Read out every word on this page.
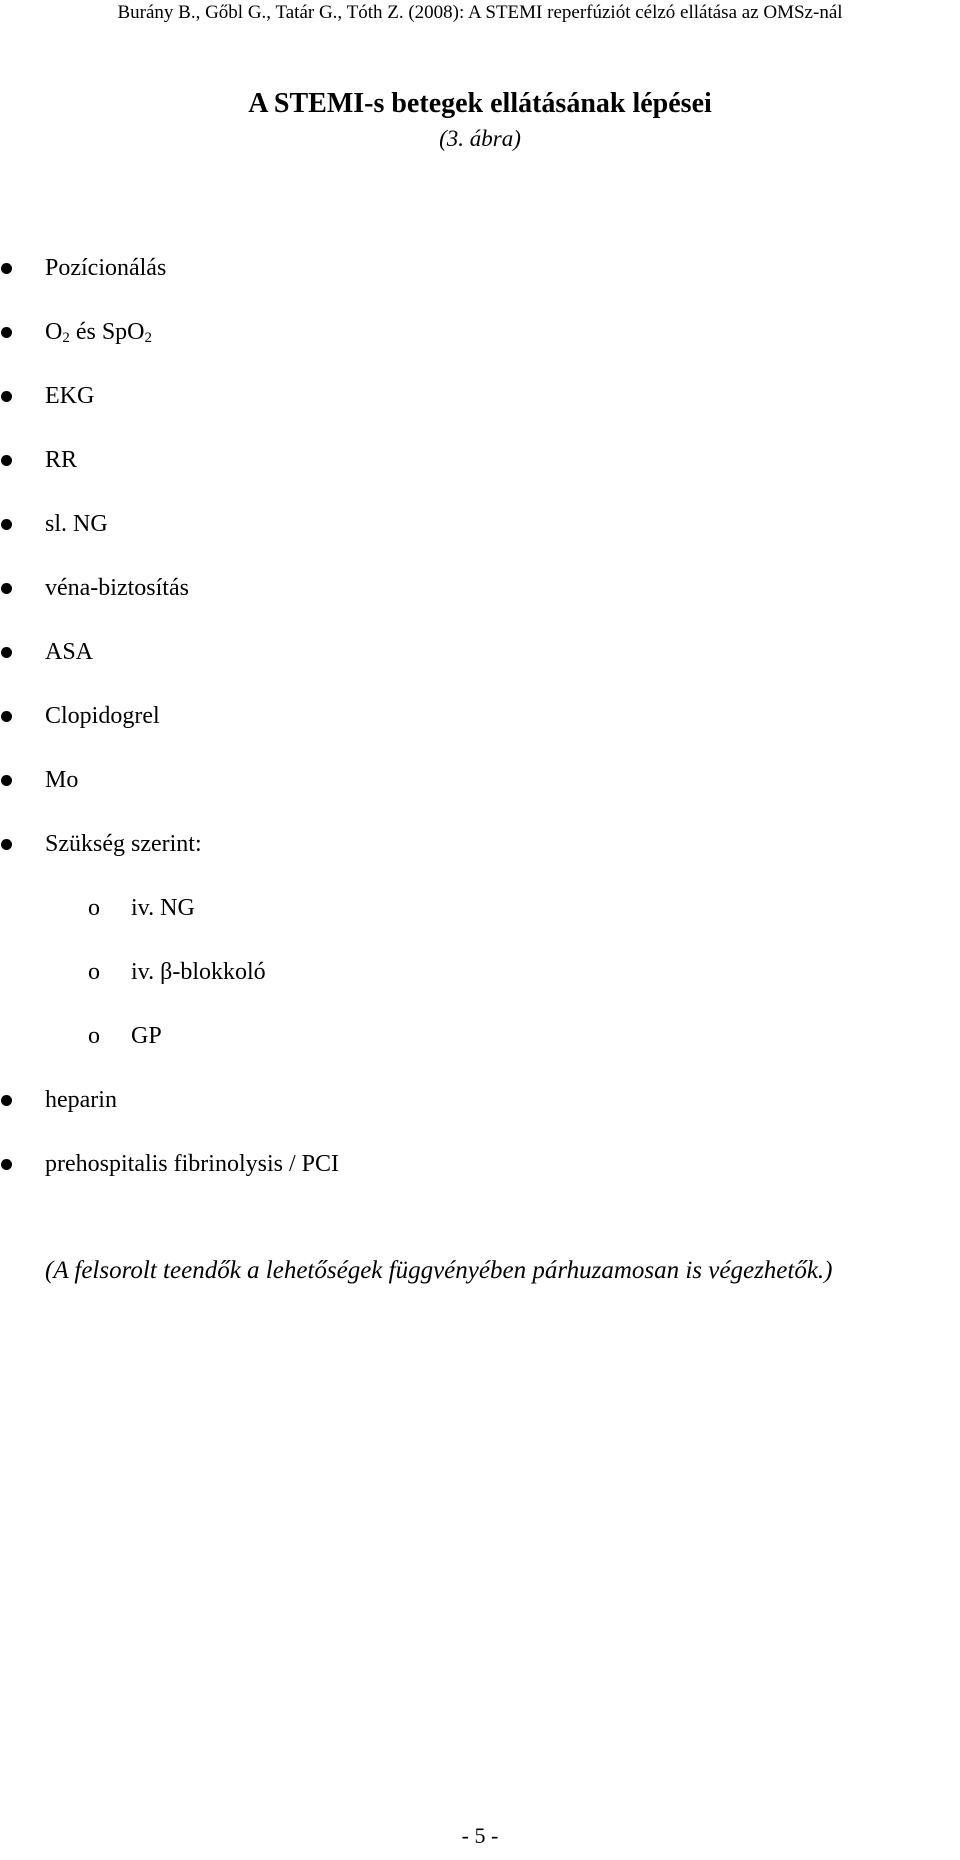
Burány B., Gőbl G., Tatár G., Tóth Z. (2008): A STEMI reperfúziót célzó ellátása az OMSz-nál
A STEMI-s betegek ellátásának lépései
(3. ábra)
Pozícionálás
$O_2$ és SpO$_2$
EKG
RR
sl. NG
véna-biztosítás
ASA
Clopidogrel
Mo
Szükség szerint:
o iv. NG
o iv. β-blokkoló
o GP
heparin
prehospitalis fibrinolysis / PCI
(A felsorolt teendők a lehetőségek függvényében párhuzamosan is végezhetők.)
- 5 -
